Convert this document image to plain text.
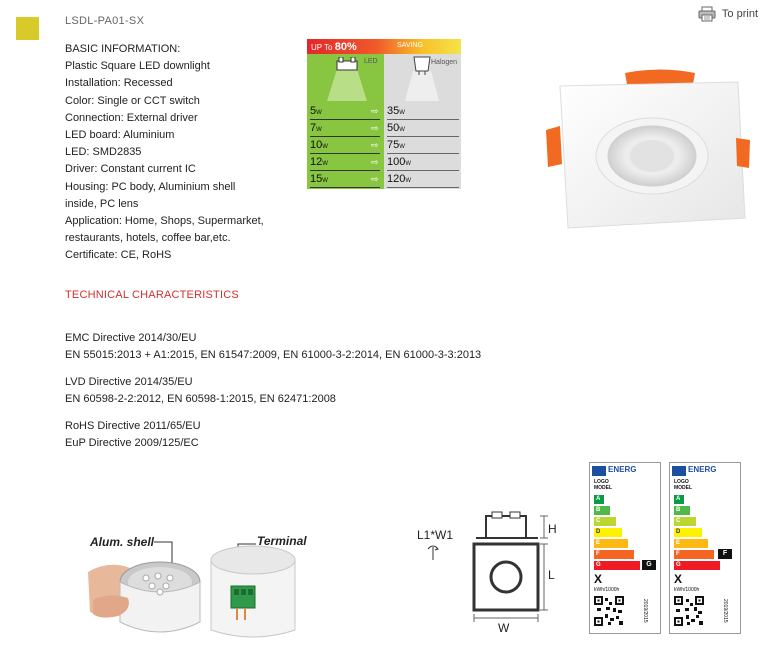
LSDL-PA01-SX
To print
BASIC INFORMATION:
Plastic Square LED downlight
Installation: Recessed
Color: Single or CCT switch
Connection: External driver
LED board: Aluminium
LED: SMD2835
Driver: Constant current IC
Housing: PC body, Aluminium shell
inside, PC lens
Application: Home, Shops, Supermarket,
restaurants, hotels, coffee bar,etc.
Certificate: CE, RoHS
UP To 80%	SAVING
LED	Halogen
5W	⇨ 35W
7W	⇨ 50W
10W	⇨ 75W
12W	⇨ 100W
15W	⇨ 120W
TECHNICAL CHARACTERISTICS
EMC Directive 2014/30/EU
EN 55015:2013 + A1:2015, EN 61547:2009, EN 61000-3-2:2014, EN 61000-3-3:2013
LVD Directive 2014/35/EU
EN 60598-2-2:2012, EN 60598-1:2015, EN 62471:2008
RoHS Directive 2011/65/EU
EuP Directive 2009/125/EC
Alum. shell	Terminal	L1*W1	H
L
W
ENERG
LOGO
MODEL
A
B
C
D
E
F
G	G
X
kWh/1000h
2019/2015
ENERG
LOGO
MODEL
A
B
C
D
E
F
G
F
X
kWh/1000h
2019/2015
